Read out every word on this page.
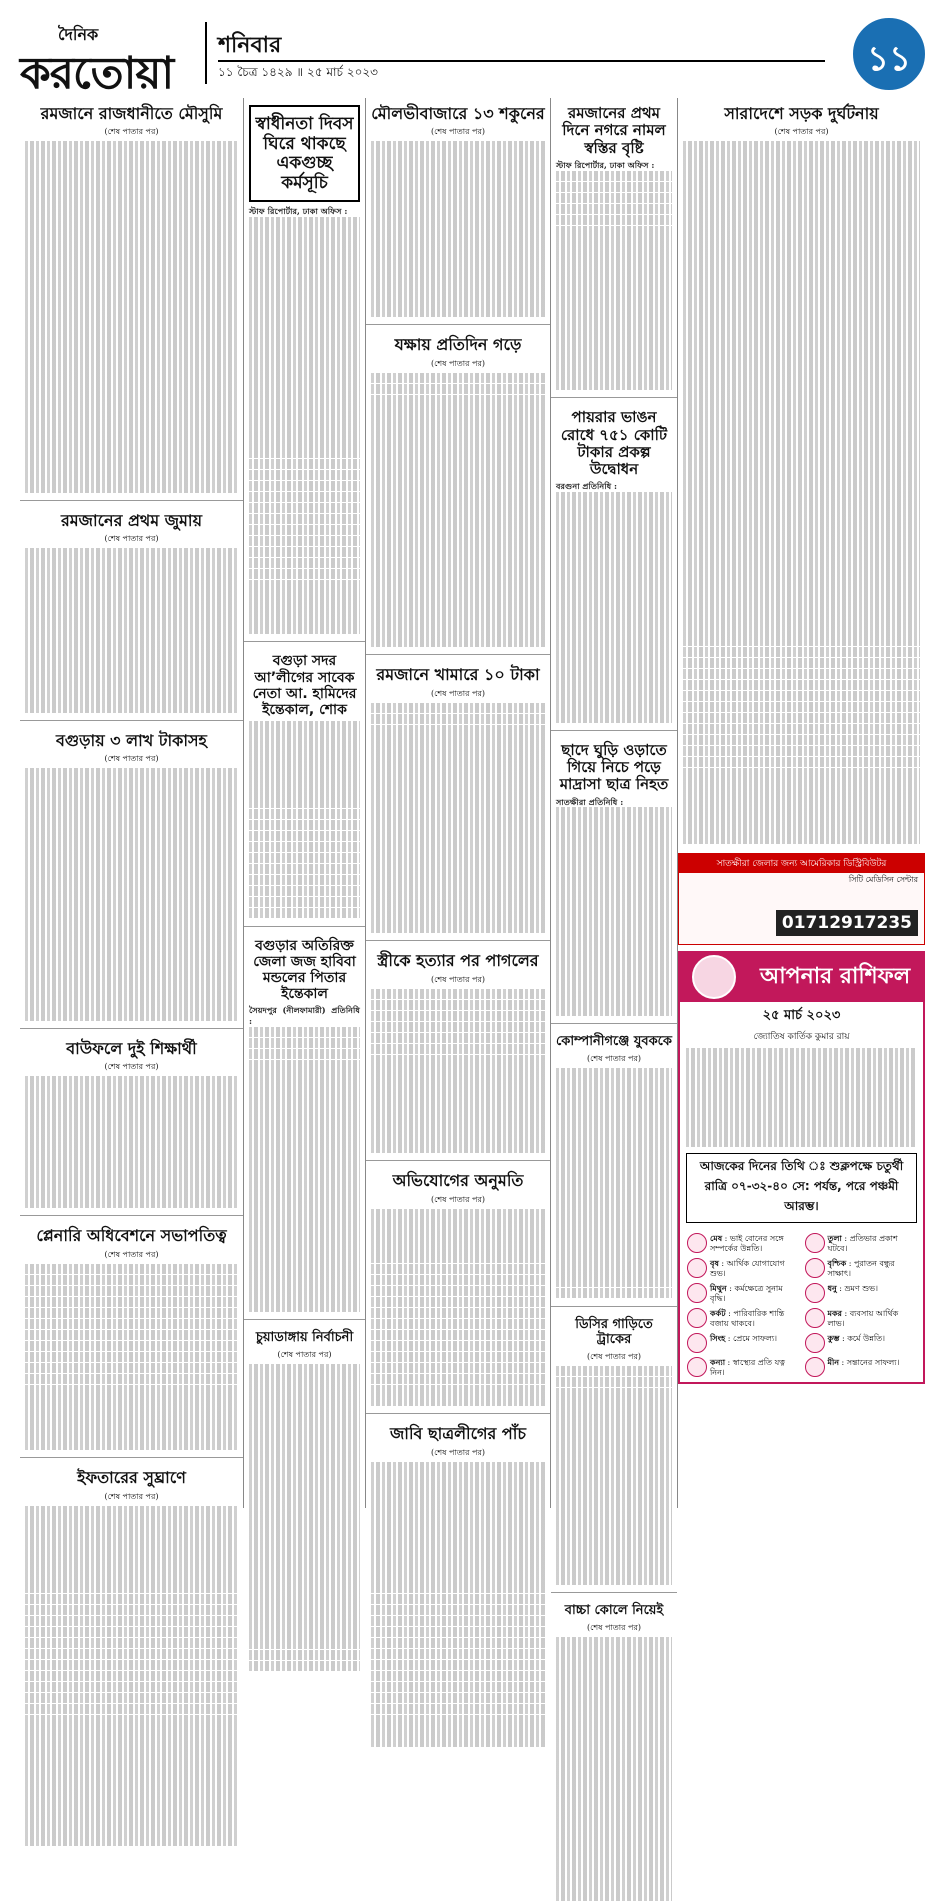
দৈনিক
করতোয়া
শনিবার
১১ চৈত্র ১৪২৯ ॥ ২৫ মার্চ ২০২৩	১১
রমজানে রাজধানীতে মৌসুমি
(শেষ পাতার পর)
রমজানের প্রথম জুমায়
(শেষ পাতার পর)
বগুড়ায় ৩ লাখ টাকাসহ
(শেষ পাতার পর)
বাউফলে দুই শিক্ষার্থী
(শেষ পাতার পর)
প্লেনারি অধিবেশনে সভাপতিত্ব
(শেষ পাতার পর)
ইফতারের সুঘ্রাণে
(শেষ পাতার পর)
স্বাধীনতা দিবস ঘিরে থাকছে একগুচ্ছ কর্মসূচি
স্টাফ রিপোর্টার, ঢাকা অফিস :
বগুড়া সদর আ’লীগের সাবেক নেতা আ. হামিদের ইন্তেকাল, শোক
বগুড়ার অতিরিক্ত জেলা জজ হাবিবা মন্ডলের পিতার ইন্তেকাল
সৈয়দপুর (নীলফামারী) প্রতিনিধি :
চুয়াডাঙ্গায় নির্বাচনী
(শেষ পাতার পর)
মৌলভীবাজারে ১৩ শকুনের
(শেষ পাতার পর)
যক্ষায় প্রতিদিন গড়ে
(শেষ পাতার পর)
রমজানে খামারে ১০ টাকা
(শেষ পাতার পর)
স্ত্রীকে হত্যার পর পাগলের
(শেষ পাতার পর)
অভিযোগের অনুমতি
(শেষ পাতার পর)
জাবি ছাত্রলীগের পাঁচ
(শেষ পাতার পর)
রমজানের প্রথম দিনে নগরে নামল স্বস্তির বৃষ্টি
স্টাফ রিপোর্টার, ঢাকা অফিস :
পায়রার ভাঙন রোধে ৭৫১ কোটি টাকার প্রকল্প উদ্বোধন
বরগুনা প্রতিনিধি :
ছাদে ঘুড়ি ওড়াতে গিয়ে নিচে পড়ে মাদ্রাসা ছাত্র নিহত
সাতক্ষীরা প্রতিনিধি :
কোম্পানীগঞ্জে যুবককে
(শেষ পাতার পর)
ডিসির গাড়িতে ট্রাকের
(শেষ পাতার পর)
বাচ্চা কোলে নিয়েই
(শেষ পাতার পর)
সারাদেশে সড়ক দুর্ঘটনায়
(শেষ পাতার পর)
সাতক্ষীরা জেলার জন্য আমেরিকার ডিস্ট্রিবিউটর
সিটি মেডিসিন সেন্টার
01712917235
আপনার রাশিফল
২৫ মার্চ ২০২৩
জ্যোতিষ কার্তিক কুমার রায়
আজকের দিনের তিথি ঃ শুক্লপক্ষে চতুর্থী রাত্রি ০৭-৩২-৪০ সে: পর্যন্ত, পরে পঞ্চমী আরম্ভ।
মেষ : ভাই বোনের সঙ্গে সম্পর্কের উন্নতি।
তুলা : প্রতিভার প্রকাশ ঘটবে।
বৃষ : আর্থিক যোগাযোগ শুভ।
বৃশ্চিক : পুরাতন বন্ধুর সাক্ষাৎ।
মিথুন : কর্মক্ষেত্রে সুনাম বৃদ্ধি।
ধনু : ভ্রমণ শুভ।
কর্কট : পারিবারিক শান্তি বজায় থাকবে।
মকর : ব্যবসায় আর্থিক লাভ।
সিংহ : প্রেমে সাফল্য।	কুম্ভ : কর্মে উন্নতি।
কন্যা : স্বাস্থ্যের প্রতি যত্ন নিন।
মীন : সন্তানের সাফল্য।
